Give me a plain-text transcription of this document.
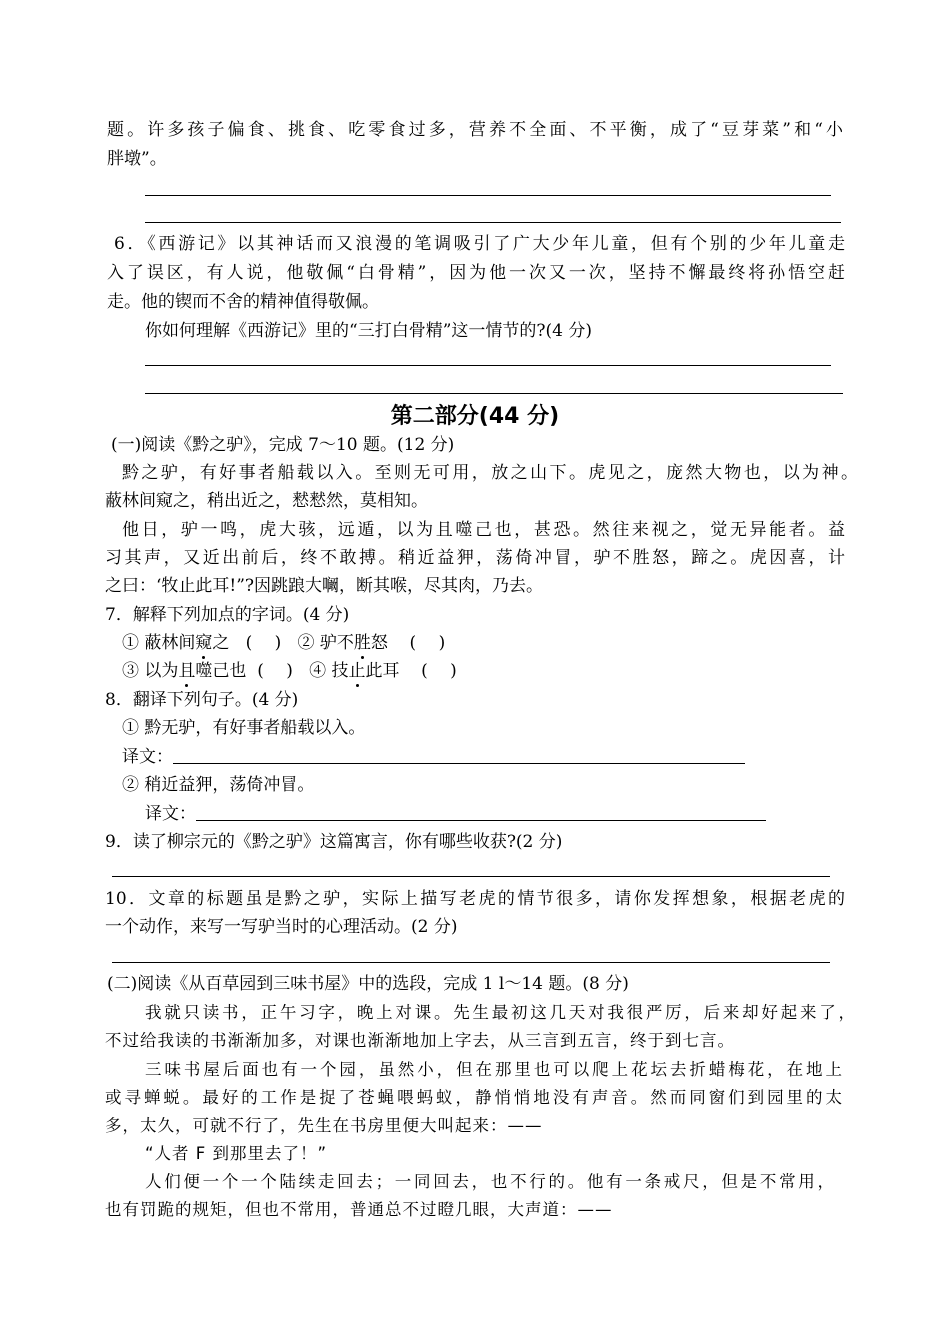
题。许多孩子偏食、挑食、吃零食过多，营养不全面、不平衡，成了“豆芽菜”和“小
胖墩”。
6．《西游记》以其神话而又浪漫的笔调吸引了广大少年儿童，但有个别的少年儿童走
入了误区，有人说，他敬佩“白骨精”，因为他一次又一次，坚持不懈最终将孙悟空赶
走。他的锲而不舍的精神值得敬佩。
你如何理解《西游记》里的“三打白骨精”这一情节的?(4 分)
第二部分(44 分)
(一)阅读《黔之驴》，完成 7～10 题。(12 分)
黔之驴，有好事者船载以入。至则无可用，放之山下。虎见之，庞然大物也，以为神。
蔽林间窥之，稍出近之，慭慭然，莫相知。
他日，驴一鸣，虎大骇，远遁，以为且噬己也，甚恐。然往来视之，觉无异能者。益
习其声，又近出前后，终不敢搏。稍近益狎，荡倚冲冒，驴不胜怒，蹄之。虎因喜，计
之曰：‘牧止此耳!”?因跳踉大㘎，断其喉，尽其肉，乃去。
7．解释下列加点的字词。(4 分)
① 蔽林间窥之 (　 ) ② 驴不胜怒 (　 )
③ 以为且噬己也 (　 ) ④ 技止此耳 (　 )
8．翻译下列句子。(4 分)
① 黔无驴，有好事者船载以入。
译文：
② 稍近益狎，荡倚冲冒。
译文：
9．读了柳宗元的《黔之驴》这篇寓言，你有哪些收获?(2 分)
10．文章的标题虽是黔之驴，实际上描写老虎的情节很多，请你发挥想象，根据老虎的
一个动作，来写一写驴当时的心理活动。(2 分)
(二)阅读《从百草园到三味书屋》中的选段，完成 1 l～14 题。(8 分)
我就只读书，正午习字，晚上对课。先生最初这几天对我很严厉，后来却好起来了，
不过给我读的书渐渐加多，对课也渐渐地加上字去，从三言到五言，终于到七言。
三味书屋后面也有一个园，虽然小，但在那里也可以爬上花坛去折蜡梅花，在地上
或寻蝉蜕。最好的工作是捉了苍蝇喂蚂蚁，静悄悄地没有声音。然而同窗们到园里的太
多，太久，可就不行了，先生在书房里便大叫起来：——
“人者 F 到那里去了！”
人们便一个一个陆续走回去；一同回去，也不行的。他有一条戒尺，但是不常用，
也有罚跪的规矩，但也不常用，普通总不过瞪几眼，大声道：——
